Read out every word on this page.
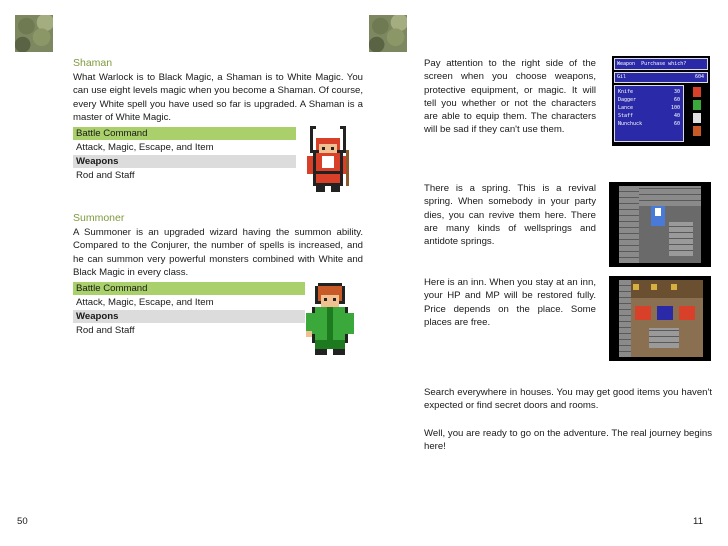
Shaman

What Warlock is to Black Magic, a Shaman is to White Magic. You can use eight levels magic when you become a Shaman. Of course, every White spell you have used so far is upgraded. A Shaman is a master of White Magic.

Battle Command
Attack, Magic, Escape, and Item
Weapons
Rod and Staff
Summoner

A Summoner is an upgraded wizard having the summon ability. Compared to the Conjurer, the number of spells is increased, and he can summon very powerful monsters combined with White and Black Magic in every class.

Battle Command
Attack, Magic, Escape, and Item
Weapons
Rod and Staff
50

Pay attention to the right side of the screen when you choose weapons, protective equipment, or magic. It will tell you whether or not the characters are able to equip them. The characters will be sad if they can't use them.

Weapon Purchase which?
Gil	604
Knife	30
Dagger	60
Lance	100
Staff	40
Nunchuck	60

There is a spring. This is a revival spring. When somebody in your party dies, you can revive them here. There are many kinds of wellsprings and antidote springs.

Here is an inn. When you stay at an inn, your HP and MP will be restored fully. Price depends on the place. Some places are free.

Search everywhere in houses. You may get good items you haven't expected or find secret doors and rooms.

Well, you are ready to go on the adventure. The real journey begins here!

11
